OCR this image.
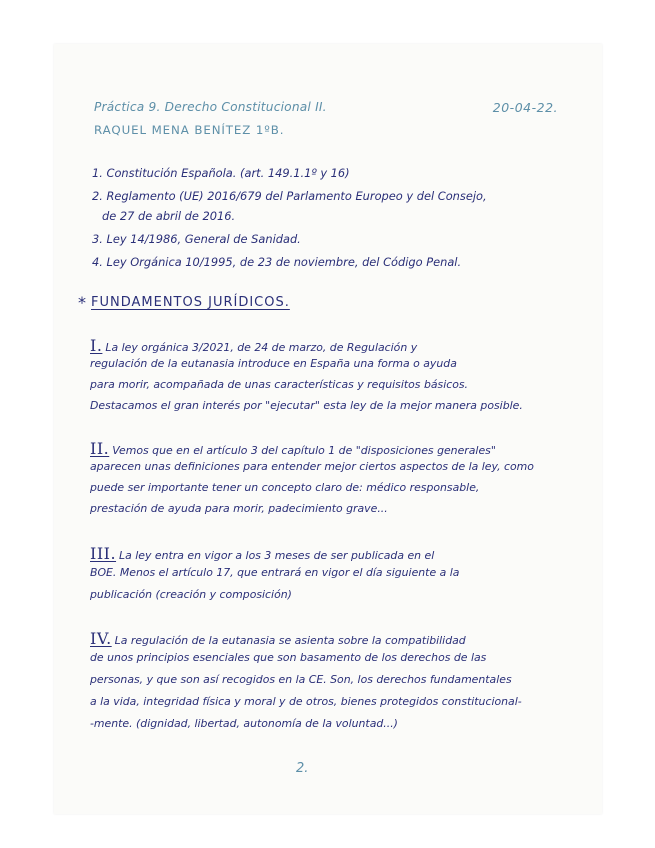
Práctica 9. Derecho Constitucional II.	20-04-22.

RAQUEL MENA BENÍTEZ 1ºB.

1. Constitución Española. (art. 149.1.1º y 16)

2. Reglamento (UE) 2016/679 del Parlamento Europeo y del Consejo,

de 27 de abril de 2016.

3. Ley 14/1986, General de Sanidad.

4. Ley Orgánica 10/1995, de 23 de noviembre, del Código Penal.

* FUNDAMENTOS JURÍDICOS.

I. La ley orgánica 3/2021, de 24 de marzo, de Regulación y

regulación de la eutanasia introduce en España una forma o ayuda

para morir, acompañada de unas características y requisitos básicos.

Destacamos el gran interés por "ejecutar" esta ley de la mejor manera posible.

II. Vemos que en el artículo 3 del capítulo 1 de "disposiciones generales"

aparecen unas definiciones para entender mejor ciertos aspectos de la ley, como

puede ser importante tener un concepto claro de: médico responsable,

prestación de ayuda para morir, padecimiento grave...

III. La ley entra en vigor a los 3 meses de ser publicada en el

BOE. Menos el artículo 17, que entrará en vigor el día siguiente a la

publicación (creación y composición)

IV. La regulación de la eutanasia se asienta sobre la compatibilidad

de unos principios esenciales que son basamento de los derechos de las

personas, y que son así recogidos en la CE. Son, los derechos fundamentales

a la vida, integridad física y moral y de otros, bienes protegidos constitucional-

-mente. (dignidad, libertad, autonomía de la voluntad...)

2.
